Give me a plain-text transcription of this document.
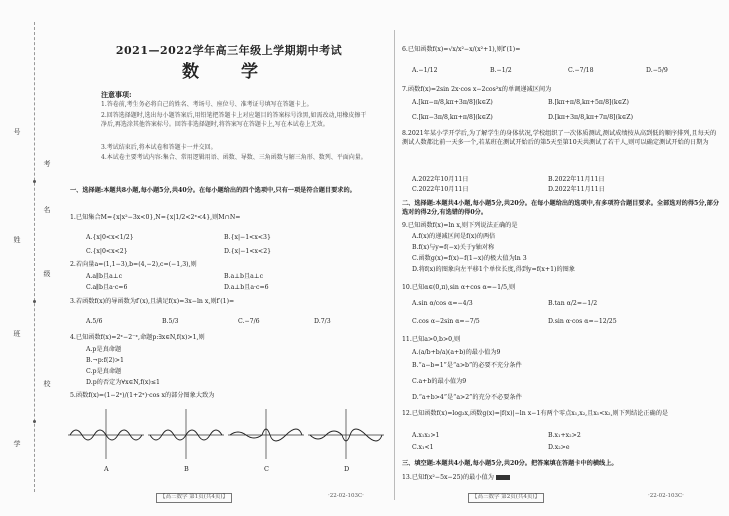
号
考
名
姓
级
班
校
学
2021—2022学年高三年级上学期期中考试
数 学
注意事项:
1.答卷前,考生务必将自己的姓名、考场号、座位号、准考证号填写在答题卡上。
2.回答选择题时,选出每小题答案后,用铅笔把答题卡上对应题目的答案标号涂黑,如需改动,用橡皮擦干净后,再选涂其他答案标号。回答非选择题时,将答案写在答题卡上,写在本试卷上无效。
3.考试结束后,将本试卷和答题卡一并交回。
4.本试卷主要考试内容:集合、常用逻辑用语、函数、导数、三角函数与解三角形、数列、平面向量。
一、选择题:本题共8小题,每小题5分,共40分。在每小题给出的四个选项中,只有一项是符合题目要求的。
1.已知集合M={x|x²−3x<0},N={x|1/2<2ˣ<4},则M∩N=
A.{x|0<x<1/2}	B.{x|−1<x<3}
C.{x|0<x<2}	D.{x|−1<x<2}
2.若向量a=(1,1−3),b=(4,−2),c=(−1,3),则
A.a∥b且a⊥c	B.a⊥b且a⊥c
C.a∥b且a·c=6	D.a⊥b且a·c=6
3.若函数f(x)的导函数为f′(x),且满足f(x)=3x−ln x,则f′(1)=
A.5/6	B.5/3	C.−7/6	D.7/3
4.已知函数f(x)=2ˣ−2⁻ˣ,命题p:∃x∈N,f(x)>1,则
A.p是真命题
B.¬p:f(2)>1
C.p是真命题
D.p的否定为∀x∈N,f(x)≤1
5.函数f(x)=(1−2ˣ)/(1+2ˣ)·cos x的部分图象大致为
A	B	C	D
【高三数学 第1页(共4页)】	·22-02-103C·
6.已知函数f(x)=√x/x²−x/(x²+1),则f′(1)=
A.−1/12	B.−1/2	C.−7/18	D.−5/9
7.函数f(x)=2sin 2x·cos x−2cos²x的单调递减区间为
A.[kπ−π/8,kπ+3π/8](k∈Z)	B.[kπ+π/8,kπ+5π/8](k∈Z)
C.[kπ−3π/8,kπ+π/8](k∈Z)	D.[kπ+3π/8,kπ+7π/8](k∈Z)
8.2021年某小学开学后,为了解学生的身体状况,学校组织了一次体质测试,测试成绩按从高到低的顺序排列,且每天的测试人数都比前一天多一个,若某班在测试开始后的第5天至第10天共测试了若干人,则可以确定测试开始的日期为
A.2022年10月11日	B.2022年11月11日
C.2022年10月11日	D.2022年11月11日
二、选择题:本题共4小题,每小题5分,共20分。在每小题给出的选项中,有多项符合题目要求。全部选对的得5分,部分选对的得2分,有选错的得0分。
9.已知函数f(x)=ln x,则下列说法正确的是
A.f(x)的递减区间是f(x)的两倍
B.f(x)与y=f(−x)关于y轴对称
C.函数g(x)=f(x)−f(1−x)的极大值为ln 3
D.将f(x)的图象向左平移1个单位长度,得到y=f(x+1)的图象
10.已知α∈(0,π),sin α+cos α=−1/5,则
A.sin α/cos α=−4/3	B.tan α/2=−1/2
C.cos α−2sin α=−7/5	D.sin α·cos α=−12/25
11.已知a>0,b>0,则
A.(a/b+b/a)(a+b)的最小值为9
B.“a−b=1”是“a>b”的必要不充分条件
C.a+b的最小值为9
D.“a+b>4”是“a>2”的充分不必要条件
12.已知函数f(x)=log₃x,函数g(x)=|f(x)|−ln x−1有两个零点x₁,x₂,且x₁<x₂,则下列结论正确的是
A.x₁x₂>1	B.x₁+x₂>2
C.x₁<1	D.x₂>e
三、填空题:本题共4小题,每小题5分,共20分。把答案填在答题卡中的横线上。
13.已知f(x²−5x−25)的最小值为
【高三数学 第2页(共4页)】	·22-02-103C·
